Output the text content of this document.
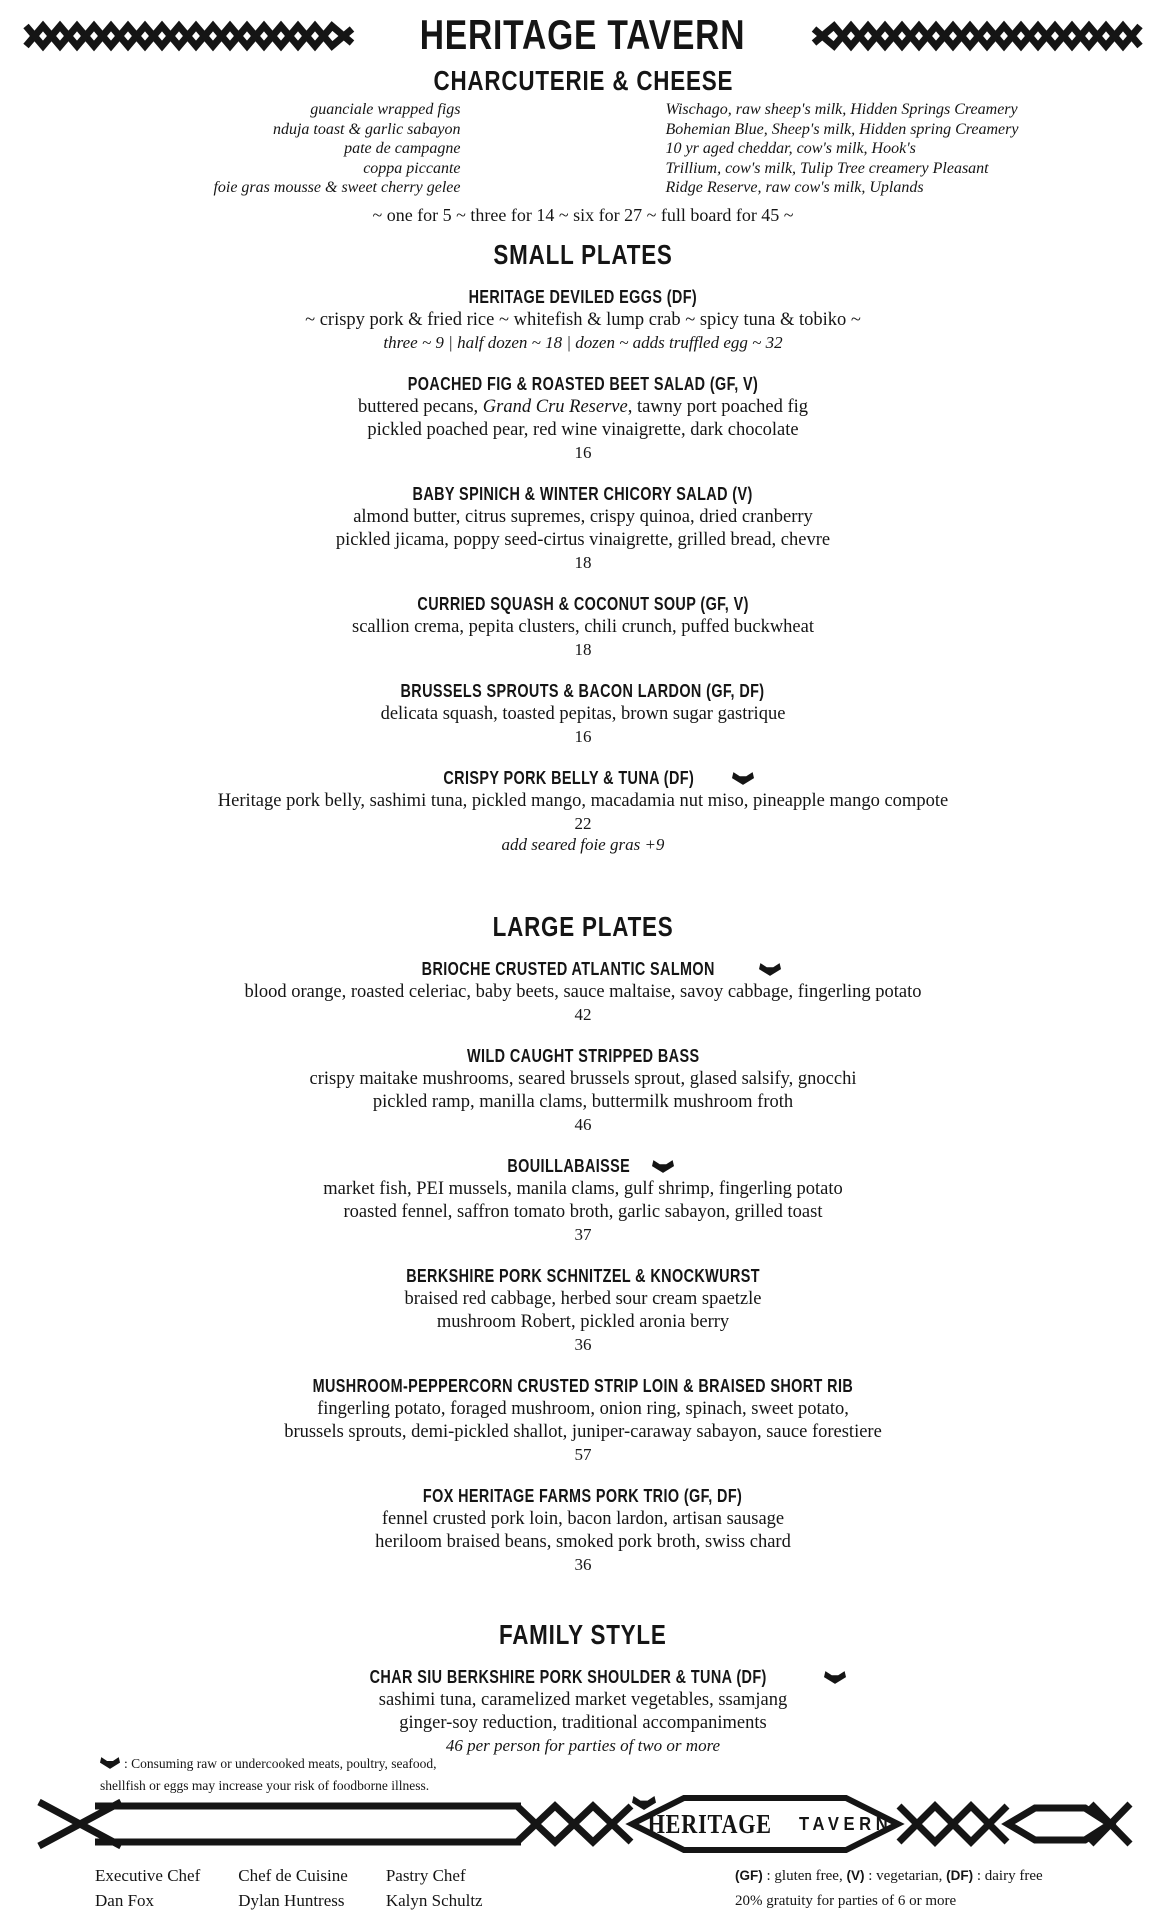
HERITAGE TAVERN
CHARCUTERIE & CHEESE
guanciale wrapped figs
nduja toast & garlic sabayon
pate de campagne
coppa piccante
foie gras mousse & sweet cherry gelee
Wischago, raw sheep's milk, Hidden Springs Creamery
Bohemian Blue, Sheep's milk, Hidden spring Creamery
10 yr aged cheddar, cow's milk, Hook's
Trillium, cow's milk, Tulip Tree creamery Pleasant
Ridge Reserve, raw cow's milk, Uplands

~ one for 5 ~ three for 14 ~ six for 27 ~ full board for 45 ~

SMALL PLATES
HERITAGE DEVILED EGGS (DF)

~ crispy pork & fried rice ~ whitefish & lump crab ~ spicy tuna & tobiko ~

three ~ 9 | half dozen ~ 18 | dozen ~ adds truffled egg ~ 32

POACHED FIG & ROASTED BEET SALAD (GF, V)

buttered pecans, Grand Cru Reserve, tawny port poached fig

pickled poached pear, red wine vinaigrette, dark chocolate

16

BABY SPINICH & WINTER CHICORY SALAD (V)

almond butter, citrus supremes, crispy quinoa, dried cranberry

pickled jicama, poppy seed-cirtus vinaigrette, grilled bread, chevre

18

CURRIED SQUASH & COCONUT SOUP (GF, V)

scallion crema, pepita clusters, chili crunch, puffed buckwheat

18

BRUSSELS SPROUTS & BACON LARDON (GF, DF)

delicata squash, toasted pepitas, brown sugar gastrique

16

CRISPY PORK BELLY & TUNA (DF)

Heritage pork belly, sashimi tuna, pickled mango, macadamia nut miso, pineapple mango compote

22

add seared foie gras +9

LARGE PLATES
BRIOCHE CRUSTED ATLANTIC SALMON

blood orange, roasted celeriac, baby beets, sauce maltaise, savoy cabbage, fingerling potato

42

WILD CAUGHT STRIPPED BASS

crispy maitake mushrooms, seared brussels sprout, glased salsify, gnocchi

pickled ramp, manilla clams, buttermilk mushroom froth

46

BOUILLABAISSE

market fish, PEI mussels, manila clams, gulf shrimp, fingerling potato

roasted fennel, saffron tomato broth, garlic sabayon, grilled toast

37

BERKSHIRE PORK SCHNITZEL & KNOCKWURST

braised red cabbage, herbed sour cream spaetzle

mushroom Robert, pickled aronia berry

36

MUSHROOM-PEPPERCORN CRUSTED STRIP LOIN & BRAISED SHORT RIB

fingerling potato, foraged mushroom, onion ring, spinach, sweet potato,

brussels sprouts, demi-pickled shallot, juniper-caraway sabayon, sauce forestiere

57

FOX HERITAGE FARMS PORK TRIO (GF, DF)

fennel crusted pork loin, bacon lardon, artisan sausage

heriloom braised beans, smoked pork broth, swiss chard

36

FAMILY STYLE
CHAR SIU BERKSHIRE PORK SHOULDER & TUNA (DF)

sashimi tuna, caramelized market vegetables, ssamjang

ginger-soy reduction, traditional accompaniments

46 per person for parties of two or more

: Consuming raw or undercooked meats, poultry, seafood,
shellfish or eggs may increase your risk of foodborne illness.
HERITAGE TAVERN

Executive Chef

Dan Fox

Chef de Cuisine

Dylan Huntress

Pastry Chef

Kalyn Schultz

(GF) : gluten free, (V) : vegetarian, (DF) : dairy free

20% gratuity for parties of 6 or more
